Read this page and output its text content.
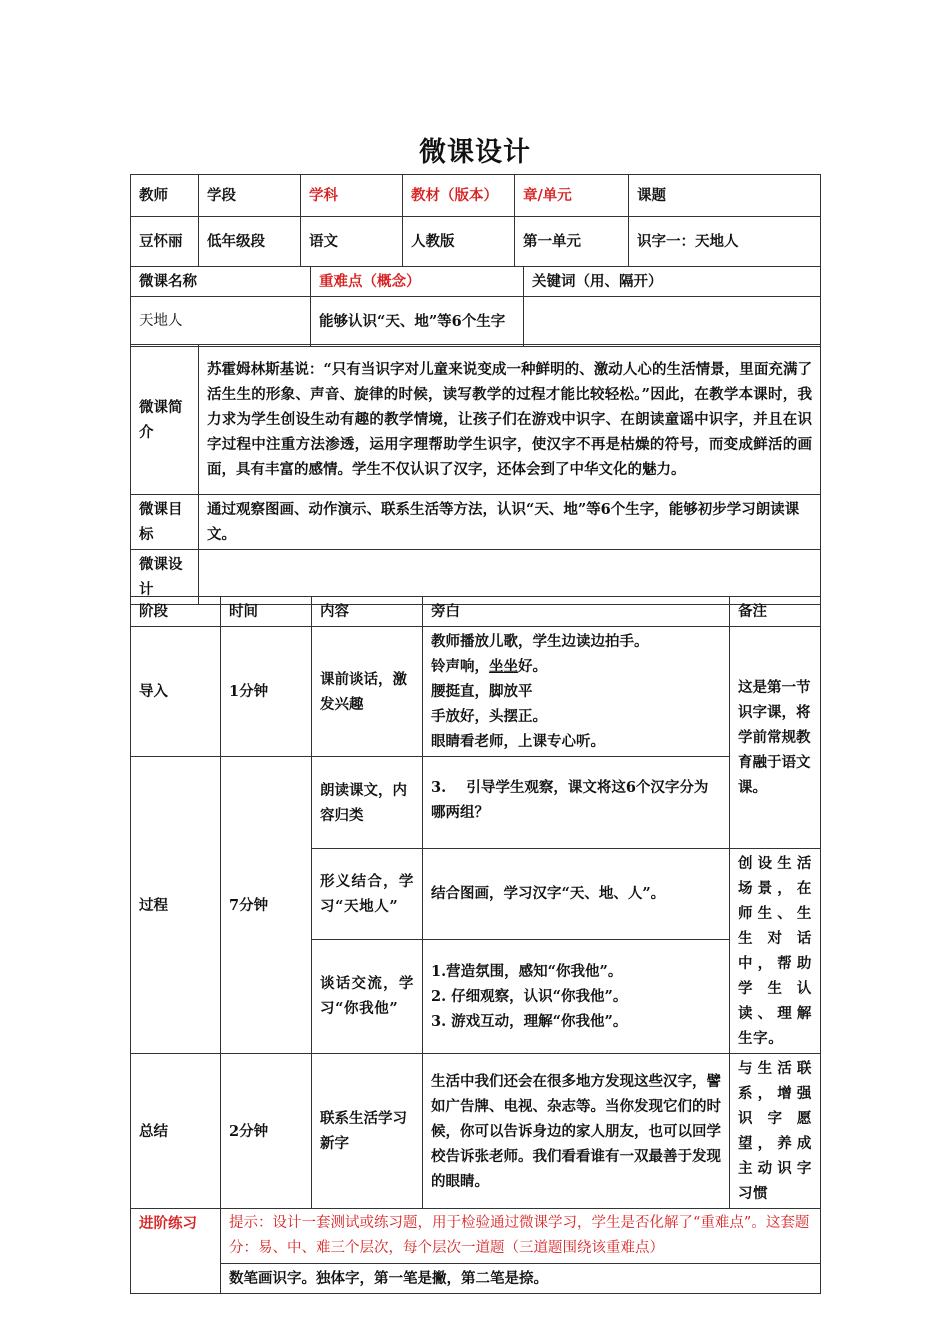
微课设计
教师	学段	学科	教材（版本）	章/单元	课题
豆怀丽	低年级段	语文	人教版	第一单元	识字一：天地人
微课名称	重难点（概念）	关键词（用、隔开）
天地人	能够认识“天、地”等6个生字	
微课简介	苏霍姆林斯基说：“只有当识字对儿童来说变成一种鲜明的、激动人心的生活情景，里面充满了活生生的形象、声音、旋律的时候，读写教学的过程才能比较轻松。”因此，在教学本课时，我力求为学生创设生动有趣的教学情境，让孩子们在游戏中识字、在朗读童谣中识字，并且在识字过程中注重方法渗透，运用字理帮助学生识字，使汉字不再是枯燥的符号，而变成鲜活的画面，具有丰富的感情。学生不仅认识了汉字，还体会到了中华文化的魅力。
微课目标	通过观察图画、动作演示、联系生活等方法，认识“天、地”等6个生字，能够初步学习朗读课文。
微课设计	
阶段	时间	内容	旁白	备注
导入	1分钟	课前谈话，激发兴趣	教师播放儿歌，学生边读边拍手。
铃声响，坐坐好。
腰挺直，脚放平
手放好，头摆正。
眼睛看老师，上课专心听。	这是第一节识字课，将学前常规教育融于语文课。
过程	7分钟	朗读课文，内容归类	3. 引导学生观察，课文将这6个汉字分为哪两组？	
		形义结合，学习“天地人”	结合图画，学习汉字“天、地、人”。	创设生活场景，在师生、生生对话中，帮助学生认读、理解生字。
		谈话交流，学习“你我他”	1.营造氛围，感知“你我他”。
2. 仔细观察，认识“你我他”。
3. 游戏互动，理解“你我他”。	

总结	2分钟	联系生活学习新字	生活中我们还会在很多地方发现这些汉字，譬如广告牌、电视、杂志等。当你发现它们的时候，你可以告诉身边的家人朋友，也可以回学校告诉张老师。我们看看谁有一双最善于发现的眼睛。	与生活联系，增强识字愿望，养成主动识字习惯
进阶练习	提示：设计一套测试或练习题，用于检验通过微课学习，学生是否化解了“重难点”。这套题分：易、中、难三个层次，每个层次一道题（三道题围绕该重难点）			
	数笔画识字。独体字，第一笔是撇，第二笔是捺。			
